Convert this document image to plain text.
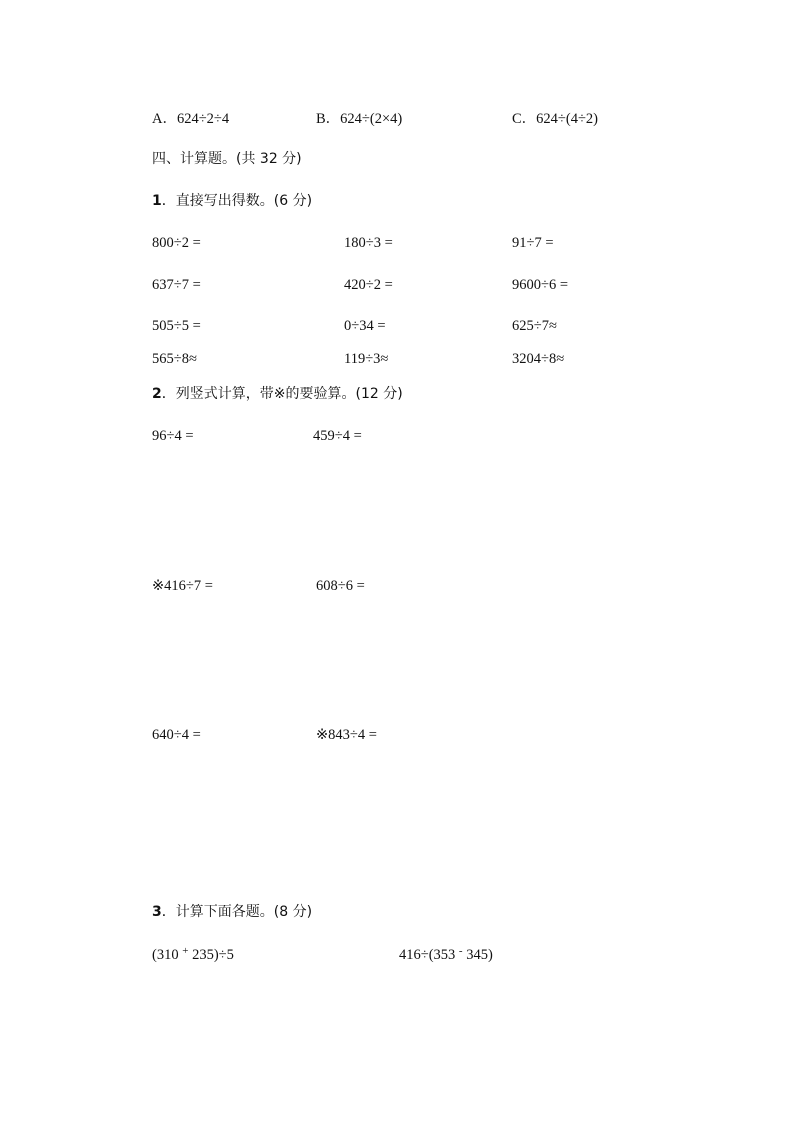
A．624÷2÷4	B．624÷(2×4)	C．624÷(4÷2)
四、计算题。(共 32 分)
1．直接写出得数。(6 分)
800÷2 =	180÷3 =	91÷7 =
637÷7 =	420÷2 =	9600÷6 =
505÷5 =	0÷34 =	625÷7≈
565÷8≈	119÷3≈	3204÷8≈
2．列竖式计算，带※的要验算。(12 分)
96÷4 =	459÷4 =
※416÷7 =	608÷6 =
640÷4 =	※843÷4 =
3．计算下面各题。(8 分)
(310 + 235)÷5	416÷(353 - 345)
